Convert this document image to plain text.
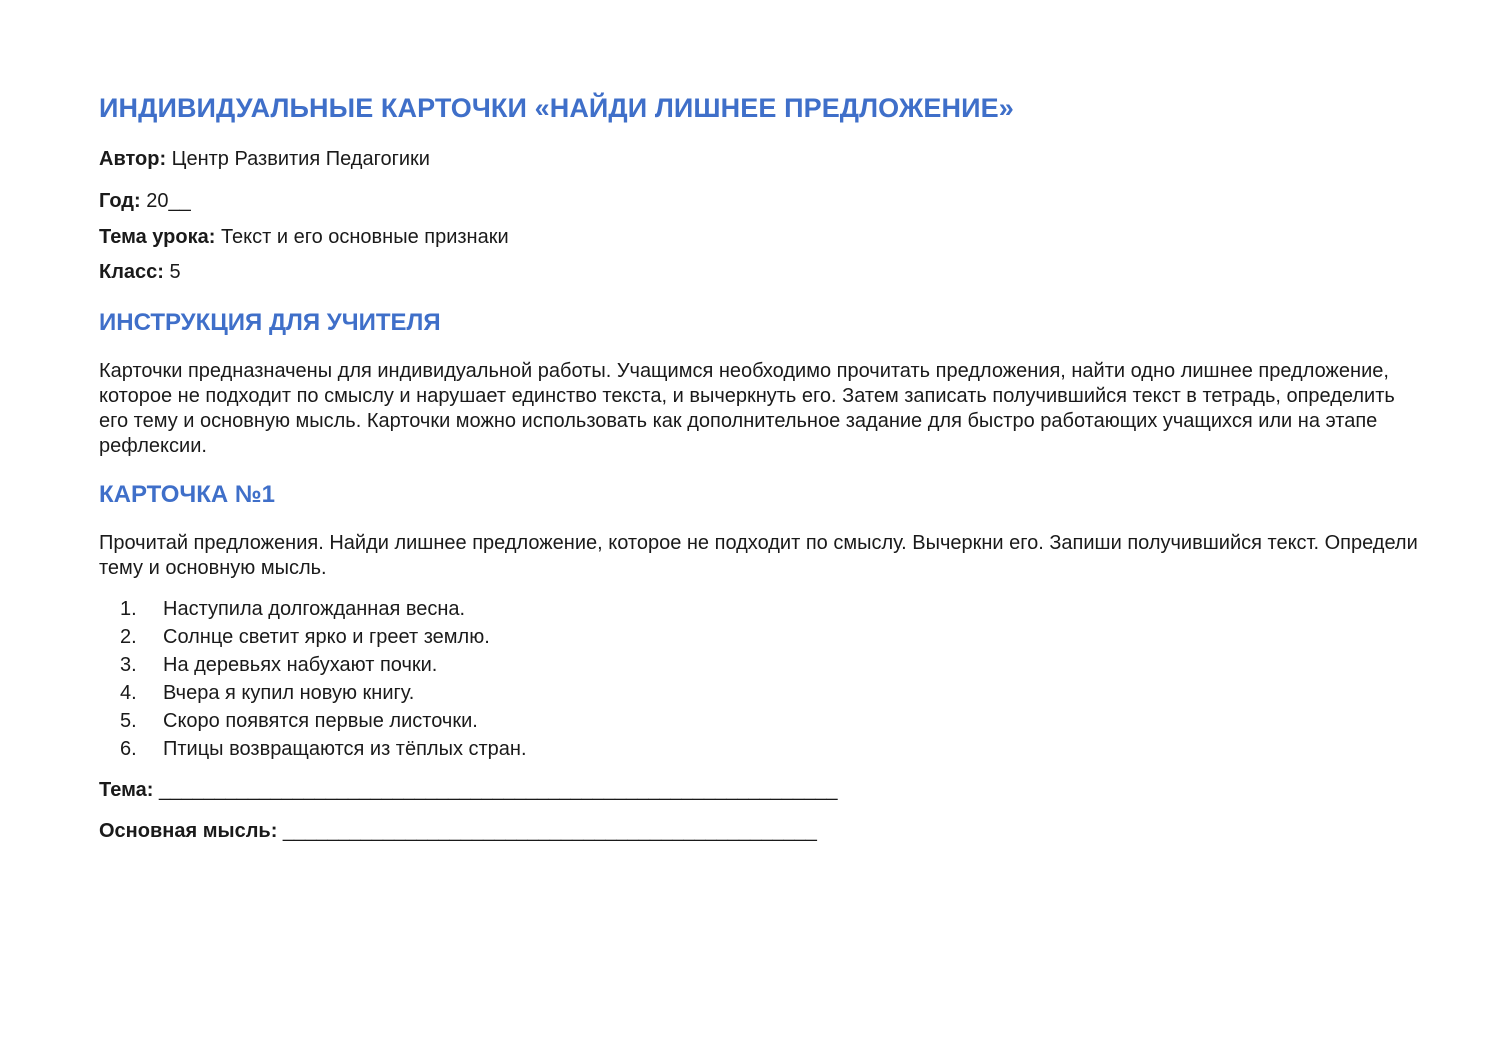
ИНДИВИДУАЛЬНЫЕ КАРТОЧКИ «НАЙДИ ЛИШНЕЕ ПРЕДЛОЖЕНИЕ»
Автор: Центр Развития Педагогики
Год: 20__
Тема урока: Текст и его основные признаки
Класс: 5
ИНСТРУКЦИЯ ДЛЯ УЧИТЕЛЯ
Карточки предназначены для индивидуальной работы. Учащимся необходимо прочитать предложения, найти одно лишнее предложение, которое не подходит по смыслу и нарушает единство текста, и вычеркнуть его. Затем записать получившийся текст в тетрадь, определить его тему и основную мысль. Карточки можно использовать как дополнительное задание для быстро работающих учащихся или на этапе рефлексии.
КАРТОЧКА №1
Прочитай предложения. Найди лишнее предложение, которое не подходит по смыслу. Вычеркни его. Запиши получившийся текст. Определи тему и основную мысль.
1. Наступила долгожданная весна.
2. Солнце светит ярко и греет землю.
3. На деревьях набухают почки.
4. Вчера я купил новую книгу.
5. Скоро появятся первые листочки.
6. Птицы возвращаются из тёплых стран.
Тема: _____________________________________________________________
Основная мысль: ________________________________________________
